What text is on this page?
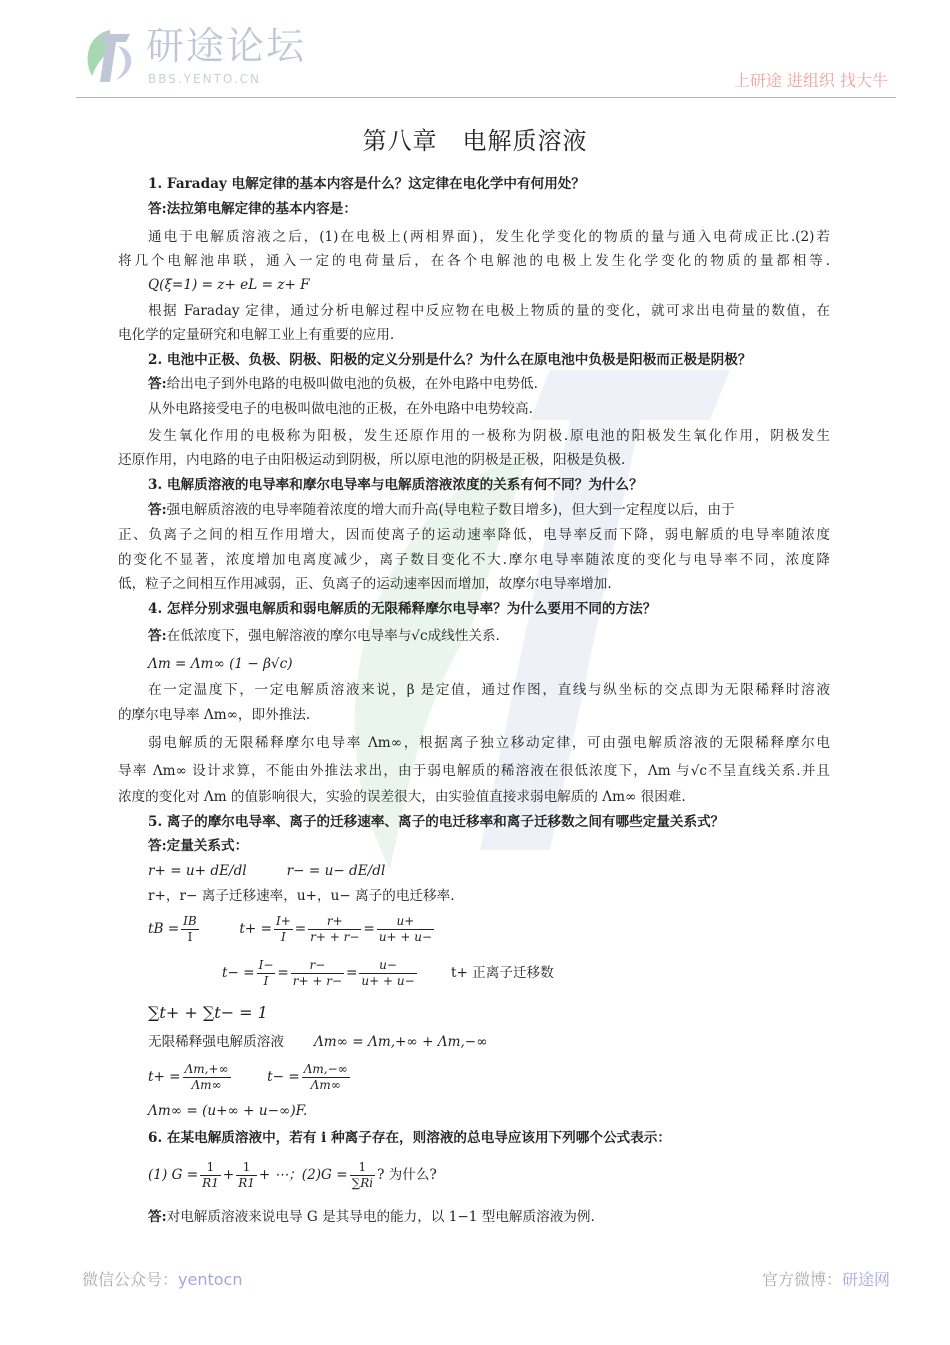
研途论坛
BBS.YENTO.CN	上研途 进组织 找大牛
第八章　电解质溶液
1. Faraday 电解定律的基本内容是什么？这定律在电化学中有何用处？
答:法拉第电解定律的基本内容是：
通电于电解质溶液之后，(1)在电极上(两相界面)，发生化学变化的物质的量与通入电荷成正比.(2)若
将几个电解池串联，通入一定的电荷量后，在各个电解池的电极上发生化学变化的物质的量都相等.
Q(ξ=1) = z+ eL = z+ F
根据 Faraday 定律，通过分析电解过程中反应物在电极上物质的量的变化，就可求出电荷量的数值，在
电化学的定量研究和电解工业上有重要的应用.
2. 电池中正极、负极、阴极、阳极的定义分别是什么？为什么在原电池中负极是阳极而正极是阴极？
答:给出电子到外电路的电极叫做电池的负极，在外电路中电势低.
从外电路接受电子的电极叫做电池的正极，在外电路中电势较高.
发生氧化作用的电极称为阳极，发生还原作用的一极称为阴极.原电池的阳极发生氧化作用，阴极发生
还原作用，内电路的电子由阳极运动到阴极，所以原电池的阴极是正极，阳极是负极.
3. 电解质溶液的电导率和摩尔电导率与电解质溶液浓度的关系有何不同？为什么？
答:强电解质溶液的电导率随着浓度的增大而升高(导电粒子数目增多)，但大到一定程度以后，由于
正、负离子之间的相互作用增大，因而使离子的运动速率降低，电导率反而下降，弱电解质的电导率随浓度
的变化不显著，浓度增加电离度减少，离子数目变化不大.摩尔电导率随浓度的变化与电导率不同，浓度降
低，粒子之间相互作用减弱，正、负离子的运动速率因而增加，故摩尔电导率增加.
4. 怎样分别求强电解质和弱电解质的无限稀释摩尔电导率？为什么要用不同的方法？
答:在低浓度下，强电解溶液的摩尔电导率与√c成线性关系.
Λm = Λm∞ (1 − β√c)
在一定温度下，一定电解质溶液来说，β 是定值，通过作图，直线与纵坐标的交点即为无限稀释时溶液
的摩尔电导率 Λm∞，即外推法.
弱电解质的无限稀释摩尔电导率 Λm∞，根据离子独立移动定律，可由强电解质溶液的无限稀释摩尔电
导率 Λm∞ 设计求算，不能由外推法求出，由于弱电解质的稀溶液在很低浓度下，Λm 与√c不呈直线关系.并且
浓度的变化对 Λm 的值影响很大，实验的误差很大，由实验值直接求弱电解质的 Λm∞ 很困难.
5. 离子的摩尔电导率、离子的迁移速率、离子的电迁移率和离子迁移数之间有哪些定量关系式？
答:定量关系式：
r+ = u+ dE/dl	r− = u− dE/dl
r+，r− 离子迁移速率，u+，u− 离子的电迁移率.
tB = $\frac{IB}{I}$	$t+ = \frac{I+}{I} = \frac{r+}{r+ + r-} = \frac{u+}{u+ + u-}$
$t- = \frac{I-}{I} = \frac{r-}{r+ + r-} = \frac{u-}{u+ + u-}$	t+ 正离子迁移数
∑t+ + ∑t− = 1
无限稀释强电解质溶液 Λm∞ = Λm,+∞ + Λm,−∞
$t+ = \frac{\Lambda m,+\infty}{\Lambda m\infty}$	$t- = \frac{\Lambda m,-\infty}{\Lambda m\infty}$
Λm∞ = (u+∞ + u−∞)F.
6. 在某电解质溶液中，若有 i 种离子存在，则溶液的总电导应该用下列哪个公式表示：
(1) $G = \frac{1}{R1} + \frac{1}{R1}$ + ⋯；$(2)G = \frac{1}{\sum Ri}$ ? 为什么?
答:对电解质溶液来说电导 G 是其导电的能力，以 1−1 型电解质溶液为例.
微信公众号：yentocn	官方微博：研途网
